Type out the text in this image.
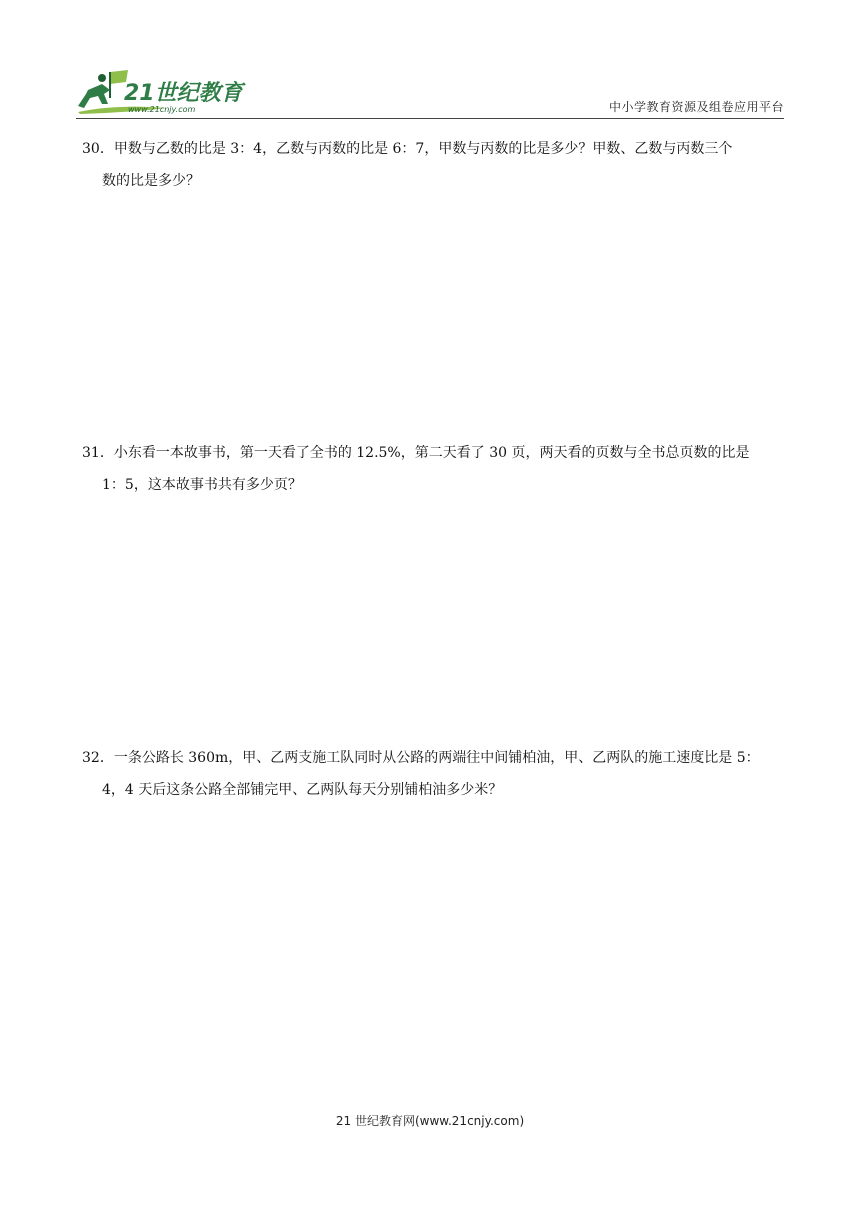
21世纪教育
www.21cnjy.com	中小学教育资源及组卷应用平台
30．甲数与乙数的比是 3：4，乙数与丙数的比是 6：7，甲数与丙数的比是多少？甲数、乙数与丙数三个
数的比是多少？
31．小东看一本故事书，第一天看了全书的 12.5%，第二天看了 30 页，两天看的页数与全书总页数的比是
1：5，这本故事书共有多少页？
32．一条公路长 360m，甲、乙两支施工队同时从公路的两端往中间铺柏油，甲、乙两队的施工速度比是 5：
4，4 天后这条公路全部铺完甲、乙两队每天分别铺柏油多少米？
21 世纪教育网(www.21cnjy.com)
